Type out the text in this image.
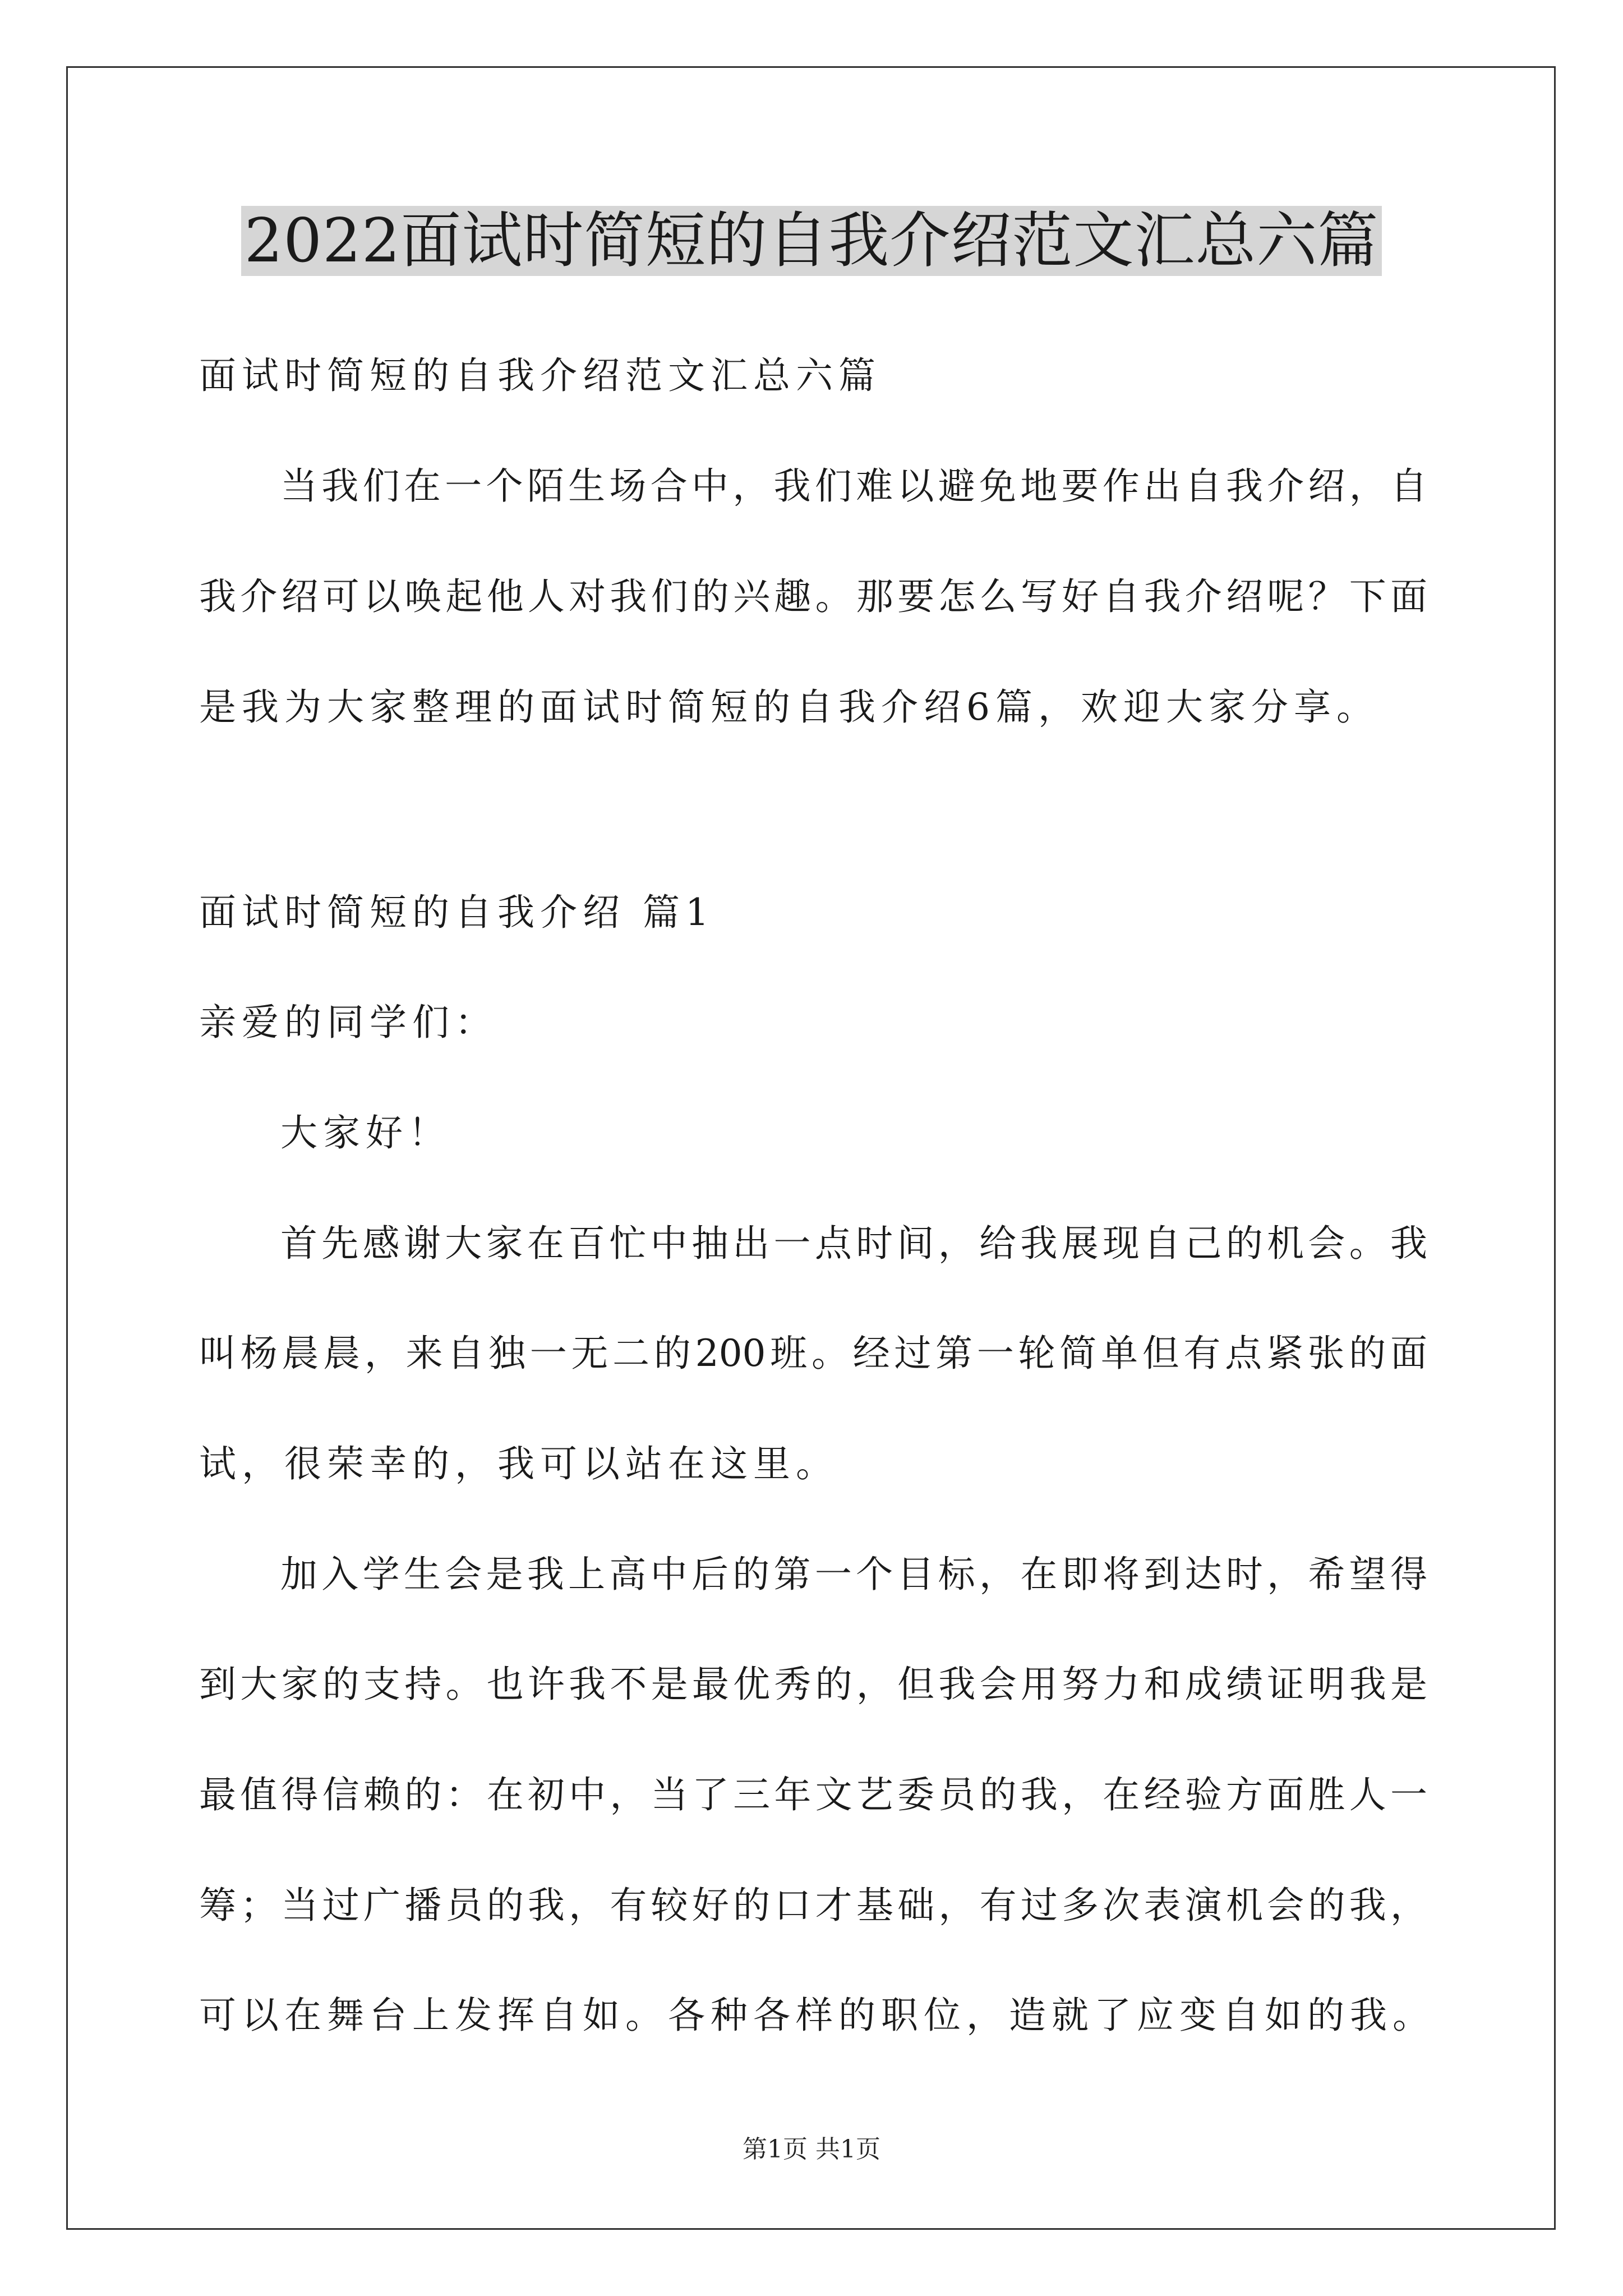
2022面试时简短的自我介绍范文汇总六篇
面试时简短的自我介绍范文汇总六篇
当我们在一个陌生场合中，我们难以避免地要作出自我介绍，自
我介绍可以唤起他人对我们的兴趣。那要怎么写好自我介绍呢？下面
是我为大家整理的面试时简短的自我介绍6篇，欢迎大家分享。
面试时简短的自我介绍 篇1
亲爱的同学们：
大家好！
首先感谢大家在百忙中抽出一点时间，给我展现自己的机会。我
叫杨晨晨，来自独一无二的200班。经过第一轮简单但有点紧张的面
试，很荣幸的，我可以站在这里。
加入学生会是我上高中后的第一个目标，在即将到达时，希望得
到大家的支持。也许我不是最优秀的，但我会用努力和成绩证明我是
最值得信赖的：在初中，当了三年文艺委员的我，在经验方面胜人一
筹；当过广播员的我，有较好的口才基础，有过多次表演机会的我，
可以在舞台上发挥自如。各种各样的职位，造就了应变自如的我。
第1页 共1页
